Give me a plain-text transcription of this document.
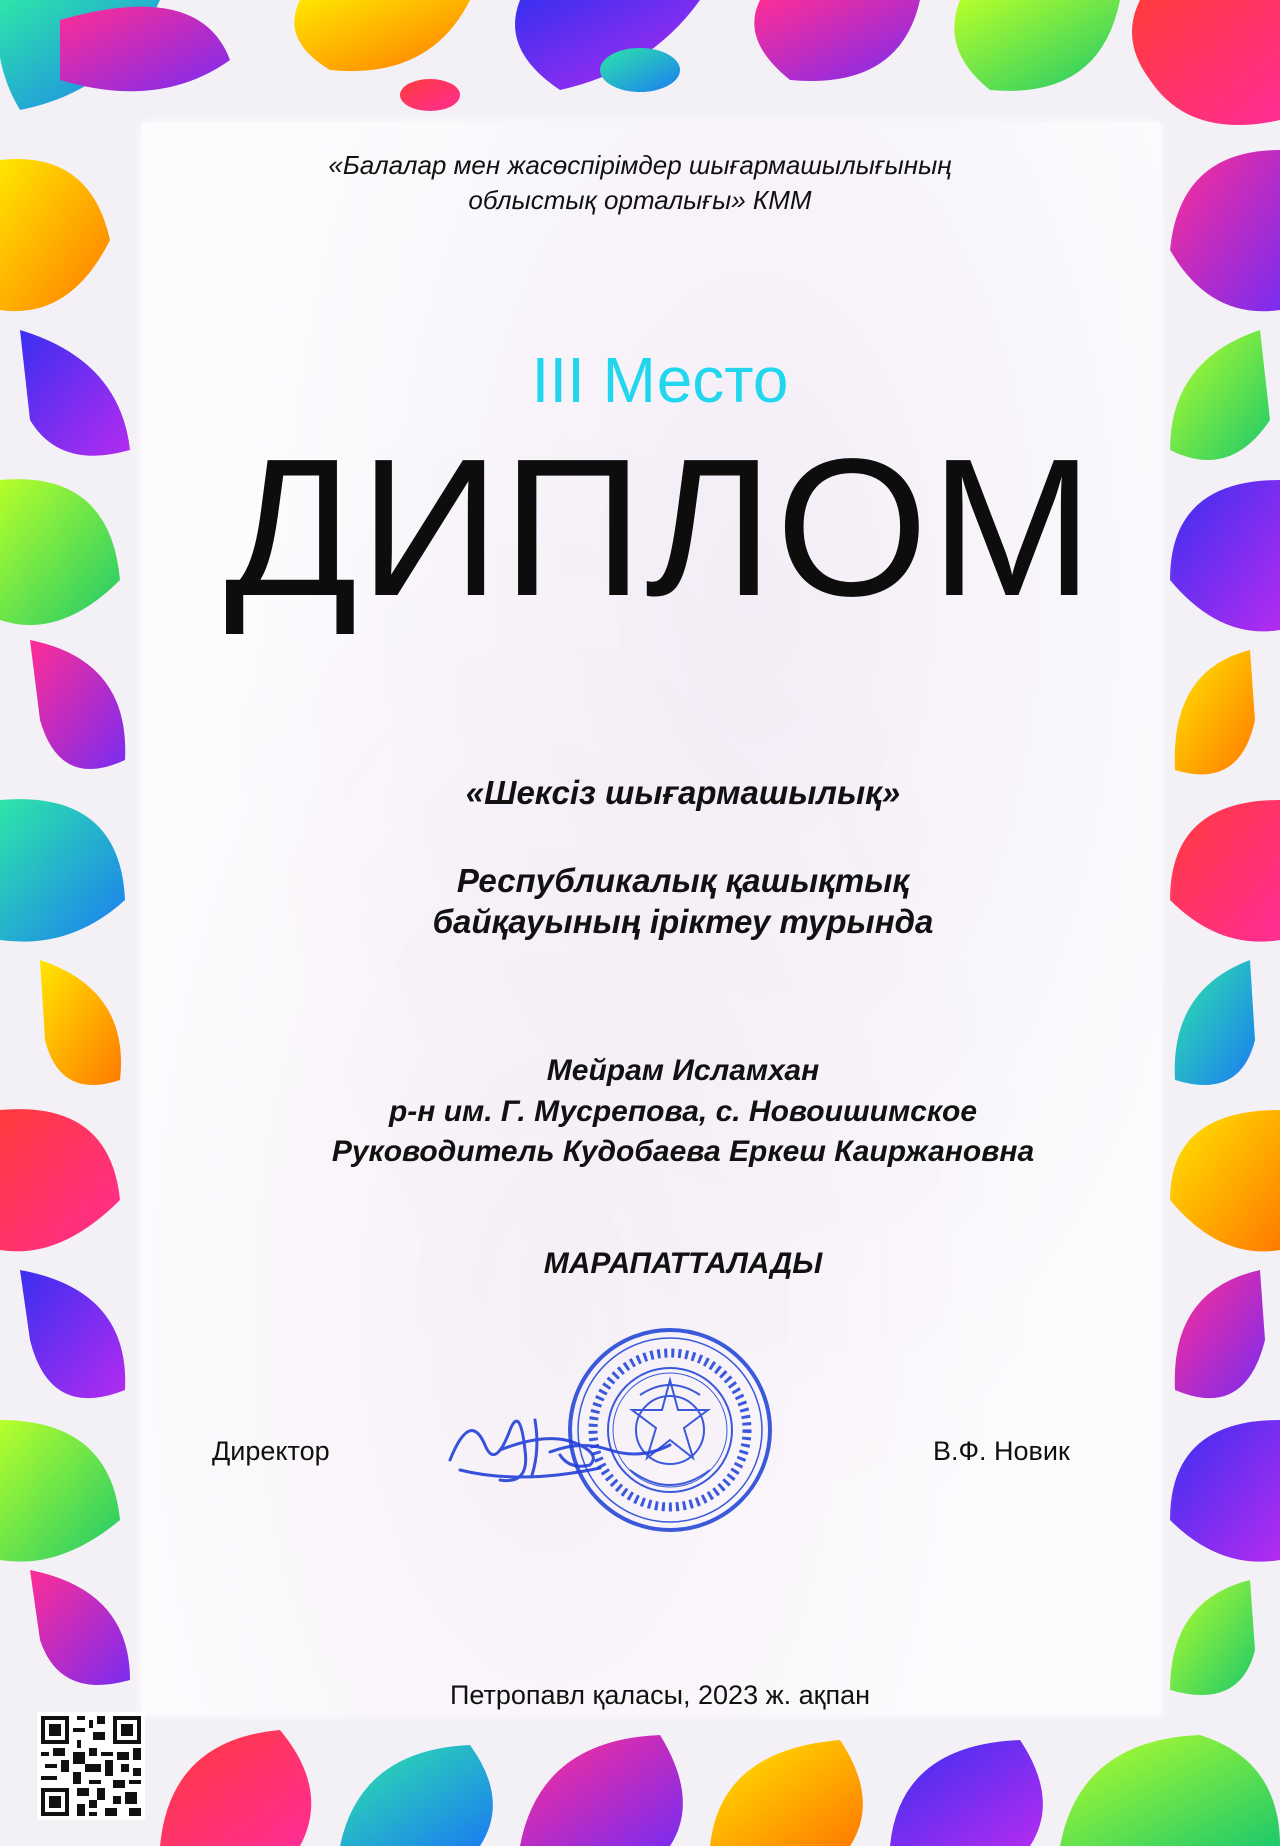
«Балалар мен жасөспірімдер шығармашылығының
облыстық орталығы» КММ
III Место
ДИПЛОМ
«Шексіз шығармашылық»
Республикалық қашықтық
байқауының іріктеу турында
Мейрам Исламхан
р-н им. Г. Мусрепова, с. Новоишимское
Руководитель Кудобаева Еркеш Каиржановна
МАРАПАТТАЛАДЫ
Директор	В.Ф. Новик
Петропавл қаласы, 2023 ж. ақпан
